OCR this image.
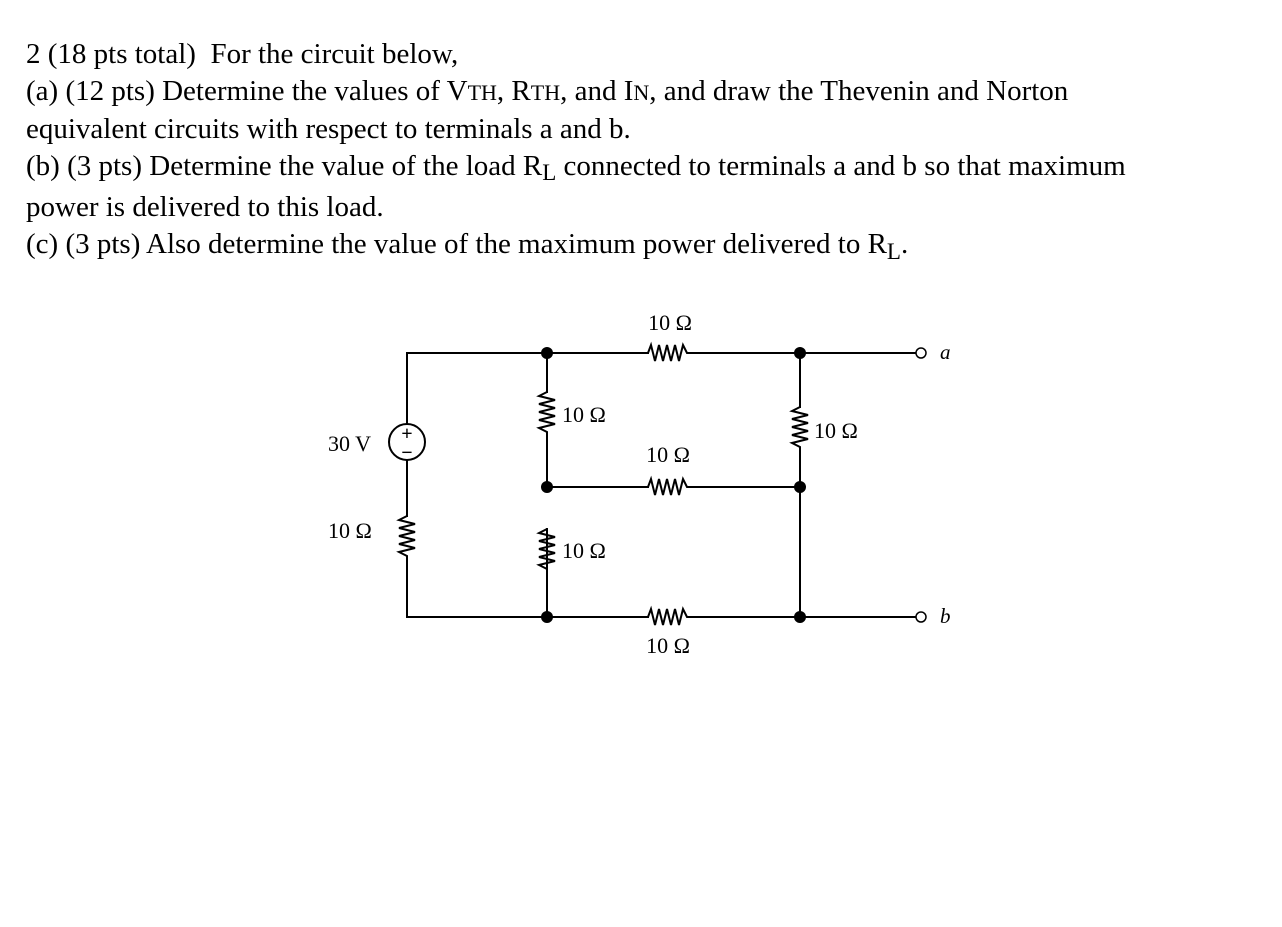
2 (18 pts total) For the circuit below,
(a) (12 pts) Determine the values of VTH, RTH, and IN, and draw the Thevenin and Norton
equivalent circuits with respect to terminals a and b.
(b) (3 pts) Determine the value of the load RL connected to terminals a and b so that maximum
power is delivered to this load.
(c) (3 pts) Also determine the value of the maximum power delivered to $R_L$.
+
−
10 Ω
10 Ω
10 Ω
10 Ω
10 Ω
10 Ω
30 V
10 Ω
a
b
